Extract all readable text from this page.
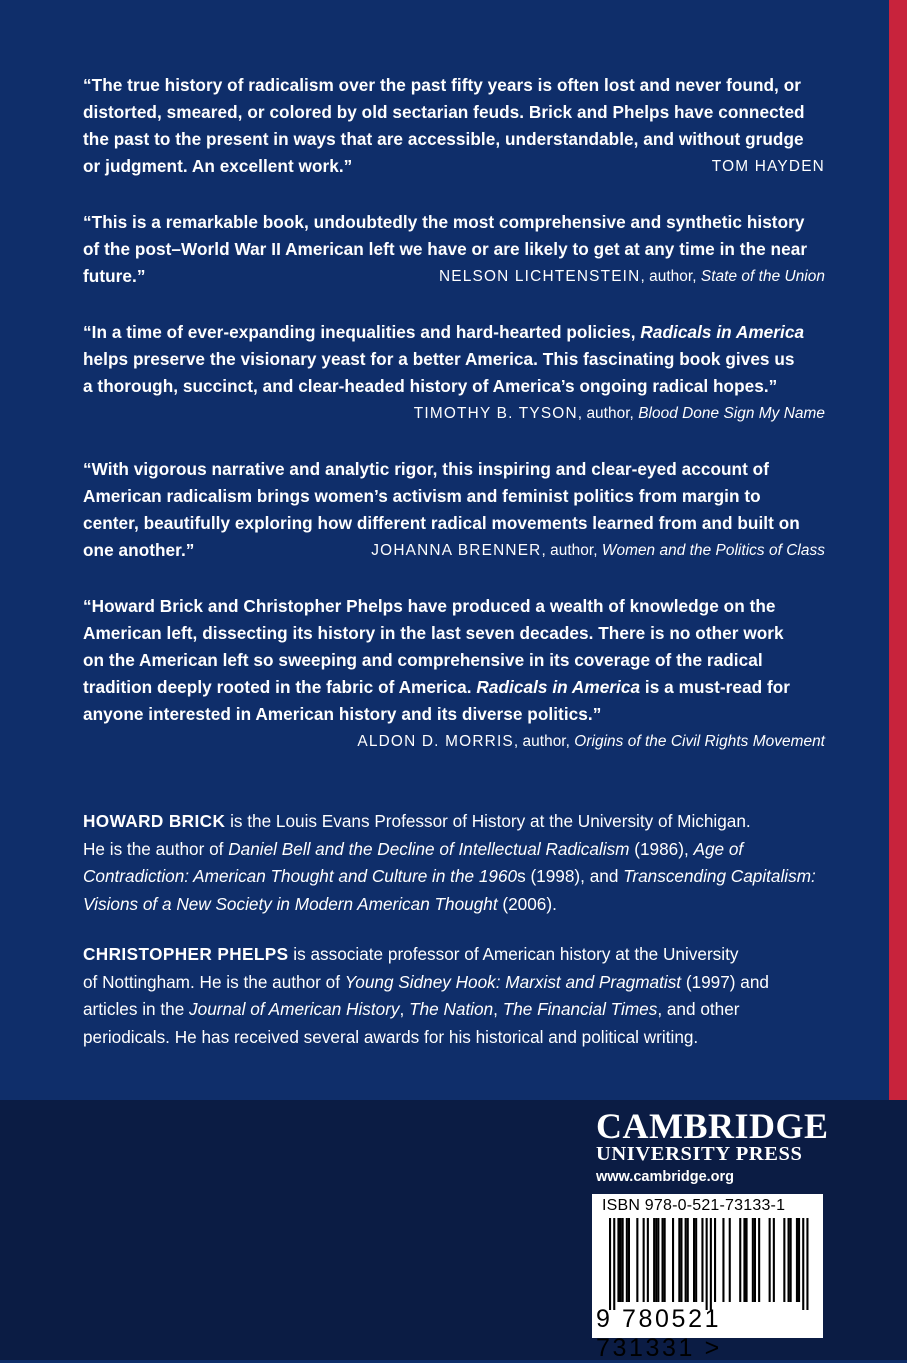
“The true history of radicalism over the past fifty years is often lost and never found, or
distorted, smeared, or colored by old sectarian feuds. Brick and Phelps have connected
the past to the present in ways that are accessible, understandable, and without grudge
or judgment. An excellent work.”	TOM HAYDEN

“This is a remarkable book, undoubtedly the most comprehensive and synthetic history
of the post–World War II American left we have or are likely to get at any time in the near
future.”	NELSON LICHTENSTEIN, author, State of the Union

“In a time of ever-expanding inequalities and hard-hearted policies, Radicals in America
helps preserve the visionary yeast for a better America. This fascinating book gives us
a thorough, succinct, and clear-headed history of America’s ongoing radical hopes.”
TIMOTHY B. TYSON, author, Blood Done Sign My Name

“With vigorous narrative and analytic rigor, this inspiring and clear-eyed account of
American radicalism brings women’s activism and feminist politics from margin to
center, beautifully exploring how different radical movements learned from and built on
one another.”	JOHANNA BRENNER, author, Women and the Politics of Class

“Howard Brick and Christopher Phelps have produced a wealth of knowledge on the
American left, dissecting its history in the last seven decades. There is no other work
on the American left so sweeping and comprehensive in its coverage of the radical
tradition deeply rooted in the fabric of America. Radicals in America is a must-read for
anyone interested in American history and its diverse politics.”
ALDON D. MORRIS, author, Origins of the Civil Rights Movement

HOWARD BRICK is the Louis Evans Professor of History at the University of Michigan.
He is the author of Daniel Bell and the Decline of Intellectual Radicalism (1986), Age of Contradiction: American Thought and Culture in the 1960s (1998), and Transcending Capitalism: Visions of a New Society in Modern American Thought (2006).

CHRISTOPHER PHELPS is associate professor of American history at the University
of Nottingham. He is the author of Young Sidney Hook: Marxist and Pragmatist (1997) and
articles in the Journal of American History, The Nation, The Financial Times, and other
periodicals. He has received several awards for his historical and political writing.

CAMBRIDGE
UNIVERSITY PRESS
www.cambridge.org
ISBN 978-0-521-73133-1
9 780521 731331 >
